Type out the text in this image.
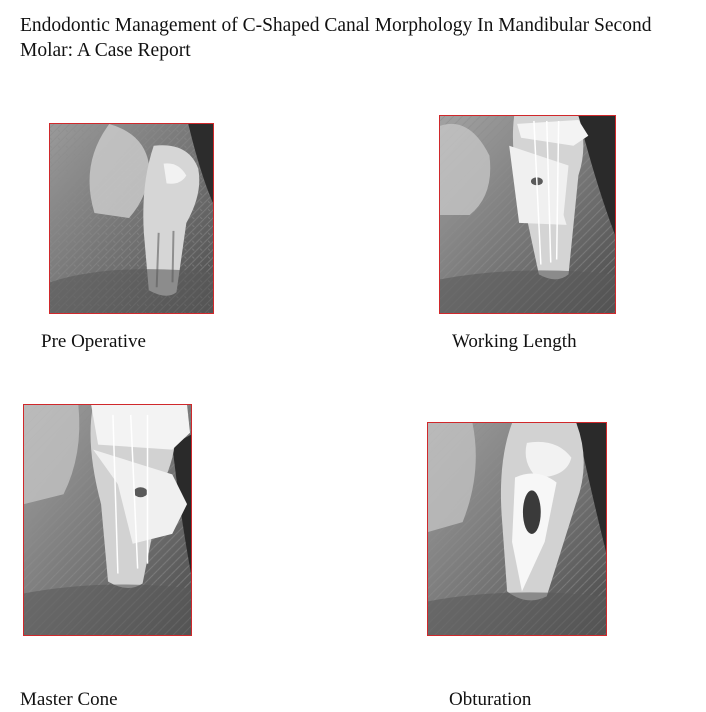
Endodontic Management of C-Shaped Canal Morphology In Mandibular Second Molar: A Case Report
Pre Operative	Working Length
Master Cone	Obturation
